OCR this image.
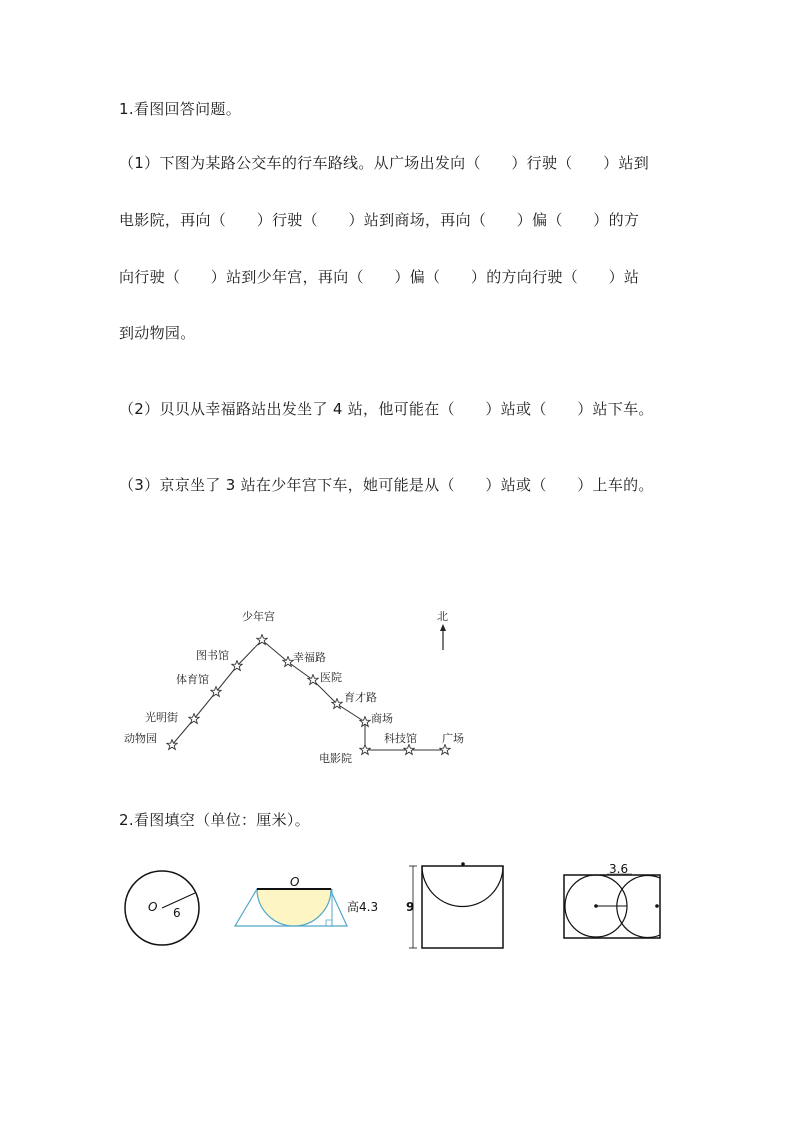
1.看图回答问题。
（1）下图为某路公交车的行车路线。从广场出发向（　　）行驶（　　）站到
电影院，再向（　　）行驶（　　）站到商场，再向（　　）偏（　　）的方
向行驶（　　）站到少年宫，再向（　　）偏（　　）的方向行驶（　　）站
到动物园。
（2）贝贝从幸福路站出发坐了 4 站，他可能在（　　）站或（　　）站下车。
（3）京京坐了 3 站在少年宫下车，她可能是从（　　）站或（　　）上车的。
少年宫
图书馆
体育馆
光明街
动物园
幸福路
医院
育才路
商场
科技馆 广场
电影院
北
2.看图填空（单位：厘米）。
O 6
O
高4.3 9
3.6
